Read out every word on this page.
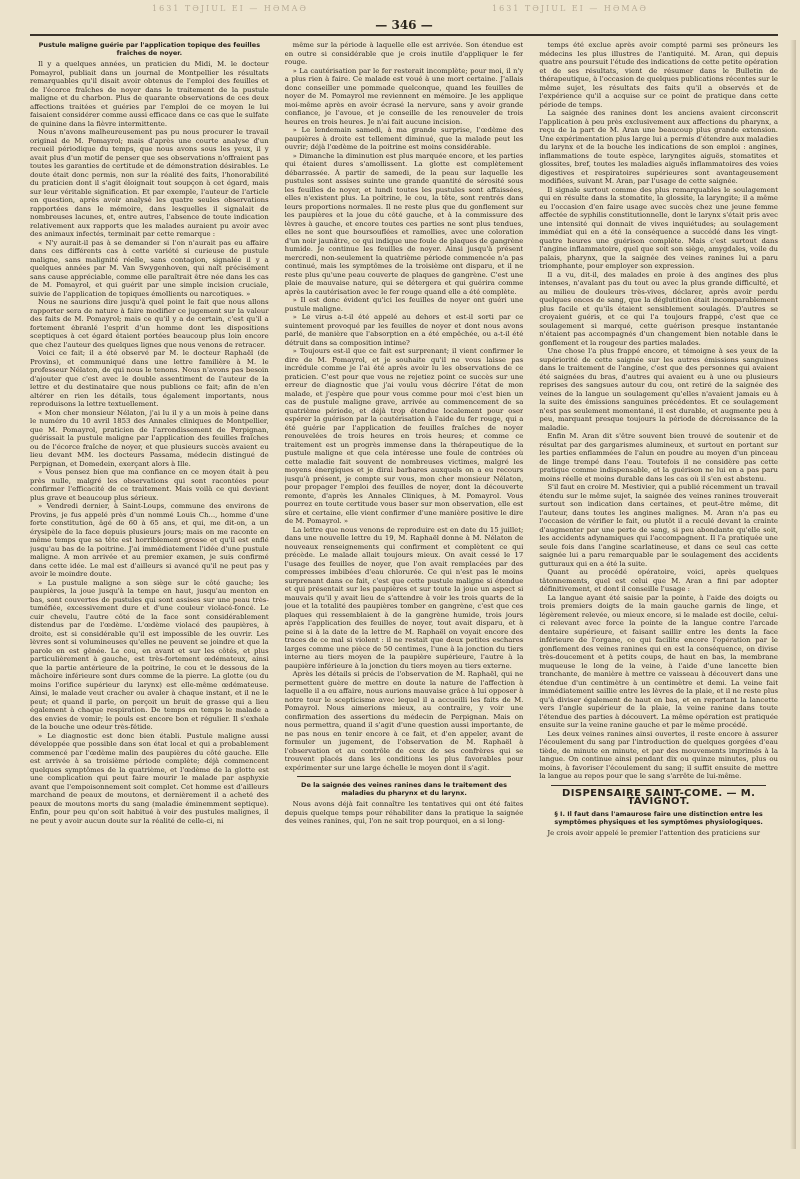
1631 TƏJIUL EI — HƏMAƏ	1631 TƏJIUL EI — HƏMAƏ
— 346 —
Pustule maligne guérie par l'application topique des feuilles fraîches de noyer.

Il y a quelques années, un praticien du Midi, M. le docteur Pomayrol, publiait dans un journal de Montpellier les résultats remarquables qu'il disait avoir obtenus de l'emploi des feuilles et de l'écorce fraîches de noyer dans le traitement de la pustule maligne et du charbon. Plus de quarante observations de ces deux affections traitées et guéries par l'emploi de ce moyen le lui faisaient considérer comme aussi efficace dans ce cas que le sulfate de quinine dans la fièvre intermittente.

Nous n'avons malheureusement pas pu nous procurer le travail original de M. Pomayrol; mais d'après une courte analyse d'un recueil périodique du temps, que nous avons sous les yeux, il y avait plus d'un motif de penser que ses observations n'offraient pas toutes les garanties de certitude et de démonstration désirables. Le doute était donc permis, non sur la réalité des faits, l'honorabilité du praticien dont il s'agit éloignait tout soupçon à cet égard, mais sur leur véritable signification. Et par exemple, l'auteur de l'article en question, après avoir analysé les quatre seules observations rapportées dans le mémoire, dans lesquelles il signalait de nombreuses lacunes, et, entre autres, l'absence de toute indication relativement aux rapports que les malades auraient pu avoir avec des animaux infectés, terminait par cette remarque :

« N'y aurait-il pas à se demander si l'on n'aurait pas eu affaire dans ces différents cas à cette variété si curieuse de pustule maligne, sans malignité réelle, sans contagion, signalée il y a quelques années par M. Van Swygenhoven, qui naît précisément sans cause appréciable, comme elle paraîtrait être née dans les cas de M. Pomayrol, et qui guérit par une simple incision cruciale, suivie de l'application de topiques émollients ou narcotiques. »

Nous ne saurions dire jusqu'à quel point le fait que nous allons rapporter sera de nature à faire modifier ce jugement sur la valeur des faits de M. Pomayrol; mais ce qu'il y a de certain, c'est qu'il a fortement ébranlé l'esprit d'un homme dont les dispositions sceptiques à cet égard étaient portées beaucoup plus loin encore que chez l'auteur des quelques lignes que nous venons de retracer.

Voici ce fait; il a été observé par M. le docteur Raphaël (de Provins), et communiqué dans une lettre familière à M. le professeur Nélaton, de qui nous le tenons. Nous n'avons pas besoin d'ajouter que c'est avec le double assentiment de l'auteur de la lettre et du destinataire que nous publions ce fait; afin de n'en altérer en rien les détails, tous également importants, nous reproduisons la lettre textuellement.

« Mon cher monsieur Nélaton, j'ai lu il y a un mois à peine dans le numéro du 10 avril 1853 des Annales cliniques de Montpellier, que M. Pomayrol, praticien de l'arrondissement de Perpignan, guérissait la pustule maligne par l'application des feuilles fraîches ou de l'écorce fraîche de noyer, et que plusieurs succès avaient eu lieu devant MM. les docteurs Passama, médecin distingué de Perpignan, et Domedein, exerçant alors à Ille.

» Vous pensez bien que ma confiance en ce moyen était à peu près nulle, malgré les observations qui sont racontées pour confirmer l'efficacité de ce traitement. Mais voilà ce qui devient plus grave et beaucoup plus sérieux.

» Vendredi dernier, à Saint-Loups, commune des environs de Provins, je fus appelé près d'un nommé Louis Ch..., homme d'une forte constitution, âgé de 60 à 65 ans, et qui, me dit-on, a un érysipèle de la face depuis plusieurs jours; mais on me raconte en même temps que sa tête est horriblement grosse et qu'il est enflé jusqu'au bas de la poitrine. J'ai immédiatement l'idée d'une pustule maligne. À mon arrivée et au premier examen, je suis confirmé dans cette idée. Le mal est d'ailleurs si avancé qu'il ne peut pas y avoir le moindre doute.

» La pustule maligne a son siège sur le côté gauche; les paupières, la joue jusqu'à la tempe en haut, jusqu'au menton en bas, sont couvertes de pustules qui sont assises sur une peau très-tuméfiée, excessivement dure et d'une couleur violacé-foncé. Le cuir chevelu, l'autre côté de la face sont considérablement distendus par de l'œdème. L'œdème violacé des paupières, à droite, est si considérable qu'il est impossible de les ouvrir. Les lèvres sont si volumineuses qu'elles ne peuvent se joindre et que la parole en est gênée. Le cou, en avant et sur les côtés, et plus particulièrement à gauche, est très-fortement œdémateux, ainsi que la partie antérieure de la poitrine, le cou et le dessous de la mâchoire inférieure sont durs comme de la pierre. La glotte (ou du moins l'orifice supérieur du larynx) est elle-même œdémateuse. Ainsi, le malade veut cracher ou avaler à chaque instant, et il ne le peut; et quand il parle, on perçoit un bruit de grasse qui a lieu également à chaque respiration. De temps en temps le malade a des envies de vomir; le pouls est encore bon et régulier. Il s'exhale de la bouche une odeur très-fétide.

» Le diagnostic est donc bien établi. Pustule maligne aussi développée que possible dans son état local et qui a probablement commencé par l'œdème malin des paupières du côté gauche. Elle est arrivée à sa troisième période complète; déjà commencent quelques symptômes de la quatrième, et l'œdème de la glotte est une complication qui peut faire mourir le malade par asphyxie avant que l'empoisonnement soit complet. Cet homme est d'ailleurs marchand de peaux de moutons, et dernièrement il a acheté des peaux de moutons morts du sang (maladie éminemment septique). Enfin, pour peu qu'on soit habitué à voir des pustules malignes, il ne peut y avoir aucun doute sur la réalité de celle-ci, ni

même sur la période à laquelle elle est arrivée. Son étendue est en outre si considérable que je crois inutile d'appliquer le fer rouge.

» La cautérisation par le fer resterait incomplète; pour moi, il n'y a plus rien à faire. Ce malade est voué à une mort certaine. J'allais donc conseiller une pommade quelconque, quand les feuilles de noyer de M. Pomayrol me reviennent en mémoire. Je les applique moi-même après en avoir écrasé la nervure, sans y avoir grande confiance, je l'avoue, et je conseille de les renouveler de trois heures en trois heures. Je n'ai fait aucune incision.

» Le lendemain samedi, à ma grande surprise, l'œdème des paupières à droite est tellement diminué, que la malade peut les ouvrir; déjà l'œdème de la poitrine est moins considérable.

» Dimanche la diminution est plus marquée encore, et les parties qui étaient dures s'amollissent. La glotte est complètement débarrassée. À partir de samedi, de la peau sur laquelle les pustules sont assises suinte une grande quantité de sérosité sous les feuilles de noyer, et lundi toutes les pustules sont affaissées, elles n'existent plus. La poitrine, le cou, la tête, sont rentrés dans leurs proportions normales. Il ne reste plus que du gonflement sur les paupières et la joue du côté gauche, et à la commissure des lèvres à gauche, et encore toutes ces parties ne sont plus tendues, elles ne sont que boursouflées et ramollies, avec une coloration d'un noir jaunâtre, ce qui indique une foule de plaques de gangrène humide. Je continue les feuilles de noyer. Ainsi jusqu'à présent mercredi, non-seulement la quatrième période commencée n'a pas continué, mais les symptômes de la troisième ont disparu, et il ne reste plus qu'une peau couverte de plaques de gangrène. C'est une plaie de mauvaise nature, qui se détergera et qui guérira comme après la cautérisation avec le fer rouge quand elle a été complète.

» Il est donc évident qu'ici les feuilles de noyer ont guéri une pustule maligne.

» Le virus a-t-il été appelé au dehors et est-il sorti par ce suintement provoqué par les feuilles de noyer et dont nous avons parlé, de manière que l'absorption en a été empêchée, ou a-t-il été détruit dans sa composition intime?

» Toujours est-il que ce fait est surprenant; il vient confirmer le dire de M. Pomayrol, et je souhaite qu'il ne vous laisse pas incrédule comme je l'ai été après avoir lu les observations de ce praticien. C'est pour que vous ne rejetiez point ce succès sur une erreur de diagnostic que j'ai voulu vous décrire l'état de mon malade, et j'espère que pour vous comme pour moi c'est bien un cas de pustule maligne grave, arrivée au commencement de sa quatrième période, et déjà trop étendue localement pour oser espérer la guérison par la cautérisation à l'aide du fer rouge, qui a été guérie par l'application de feuilles fraîches de noyer renouvelées de trois heures en trois heures; et comme ce traitement est un progrès immense dans la thérapeutique de la pustule maligne et que cela intéresse une foule de contrées où cette maladie fait souvent de nombreuses victimes, malgré les moyens énergiques et je dirai barbares auxquels on a eu recours jusqu'à présent, je compte sur vous, mon cher monsieur Nélaton, pour propager l'emploi des feuilles de noyer, dont la découverte remonte, d'après les Annales Cliniques, à M. Pomayrol. Vous pourrez en toute certitude vous baser sur mon observation, elle est sûre et certaine, elle vient confirmer d'une manière positive le dire de M. Pomayrol. »

La lettre que nous venons de reproduire est en date du 15 juillet; dans une nouvelle lettre du 19, M. Raphaël donne à M. Nélaton de nouveaux renseignements qui confirment et complètent ce qui précède. Le malade allait toujours mieux. On avait cessé le 17 l'usage des feuilles de noyer, que l'on avait remplacées par des compresses imbibées d'eau chlorurée. Ce qui n'est pas le moins surprenant dans ce fait, c'est que cette pustule maligne si étendue et qui présentait sur les paupières et sur toute la joue un aspect si mauvais qu'il y avait lieu de s'attendre à voir les trois quarts de la joue et la totalité des paupières tomber en gangrène, c'est que ces plaques qui ressemblaient à de la gangrène humide, trois jours après l'application des feuilles de noyer, tout avait disparu, et à peine si à la date de la lettre de M. Raphaël on voyait encore des traces de ce mal si violent : il ne restait que deux petites eschares larges comme une pièce de 50 centimes, l'une à la jonction du tiers interne au tiers moyen de la paupière supérieure, l'autre à la paupière inférieure à la jonction du tiers moyen au tiers externe.

Après les détails si précis de l'observation de M. Raphaël, qui ne permettent guère de mettre en doute la nature de l'affection à laquelle il a eu affaire, nous aurions mauvaise grâce à lui opposer à notre tour le scepticisme avec lequel il a accueilli les faits de M. Pomayrol. Nous aimerions mieux, au contraire, y voir une confirmation des assertions du médecin de Perpignan. Mais on nous permettra, quand il s'agit d'une question aussi importante, de ne pas nous en tenir encore à ce fait, et d'en appeler, avant de formuler un jugement, de l'observation de M. Raphaël à l'observation et au contrôle de ceux de ses confrères qui se trouvent placés dans les conditions les plus favorables pour expérimenter sur une large échelle le moyen dont il s'agit.

De la saignée des veines ranines dans le traitement des maladies du pharynx et du larynx.

Nous avons déjà fait connaître les tentatives qui ont été faites depuis quelque temps pour réhabiliter dans la pratique la saignée des veines ranines, qui, l'on ne sait trop pourquoi, en a si long-

temps été exclue après avoir compté parmi ses prôneurs les médecins les plus illustres de l'antiquité. M. Aran, qui depuis quatre ans poursuit l'étude des indications de cette petite opération et de ses résultats, vient de résumer dans le Bulletin de thérapeutique, à l'occasion de quelques publications récentes sur le même sujet, les résultats des faits qu'il a observés et de l'expérience qu'il a acquise sur ce point de pratique dans cette période de temps.

La saignée des ranines dont les anciens avaient circonscrit l'application à peu près exclusivement aux affections du pharynx, a reçu de la part de M. Aran une beaucoup plus grande extension. Une expérimentation plus large lui a permis d'étendre aux maladies du larynx et de la bouche les indications de son emploi : angines, inflammations de toute espèce, laryngites aiguës, stomatites et glossites, bref, toutes les maladies aiguës inflammatoires des voies digestives et respiratoires supérieures sont avantageusement modifiées, suivant M. Aran, par l'usage de cette saignée.

Il signale surtout comme des plus remarquables le soulagement qui en résulte dans la stomatite, la glossite, la laryngite; il a même eu l'occasion d'en faire usage avec succès chez une jeune femme affectée de syphilis constitutionnelle, dont le larynx s'était pris avec une intensité qui donnait de vives inquiétudes; au soulagement immédiat qui en a été la conséquence a succédé dans les vingt-quatre heures une guérison complète. Mais c'est surtout dans l'angine inflammatoire, quel que soit son siège, amygdales, voile du palais, pharynx, que la saignée des veines ranines lui a paru triomphante, pour employer son expression.

Il a vu, dit-il, des malades en proie à des angines des plus intenses, n'avalant pas du tout ou avec la plus grande difficulté, et au milieu de douleurs très-vives, déclarer, après avoir perdu quelques onces de sang, que la déglutition était incomparablement plus facile et qu'ils étaient sensiblement soulagés. D'autres se croyaient guéris, et ce qui l'a toujours frappé, c'est que ce soulagement si marqué, cette guérison presque instantanée n'étaient pas accompagnés d'un changement bien notable dans le gonflement et la rougeur des parties malades.

Une chose l'a plus frappé encore, et témoigne à ses yeux de la supériorité de cette saignée sur les autres émissions sanguines dans le traitement de l'angine, c'est que des personnes qui avaient été saignées du bras, d'autres qui avaient eu à une ou plusieurs reprises des sangsues autour du cou, ont retiré de la saignée des veines de la langue un soulagement qu'elles n'avaient jamais eu à la suite des émissions sanguines précédentes. Et ce soulagement n'est pas seulement momentané, il est durable, et augmente peu à peu, marquant presque toujours la période de décroissance de la maladie.

Enfin M. Aran dit s'être souvent bien trouvé de soutenir et de résultat par des gargarismes alumineux, et surtout en portant sur les parties enflammées de l'alun en poudre au moyen d'un pinceau de linge trempé dans l'eau. Toutefois il ne considère pas cette pratique comme indispensable, et la guérison ne lui en a pas paru moins réelle et moins durable dans les cas où il s'en est abstenu.

S'il faut en croire M. Mestivier, qui a publié récemment un travail étendu sur le même sujet, la saignée des veines ranines trouverait surtout son indication dans certaines, et peut-être même, dit l'auteur, dans toutes les angines malignes. M. Aran n'a pas eu l'occasion de vérifier le fait, ou plutôt il a reculé devant la crainte d'augmenter par une perte de sang, si peu abondante qu'elle soit, les accidents adynamiques qui l'accompagnent. Il l'a pratiquée une seule fois dans l'angine scarlatineuse, et dans ce seul cas cette saignée lui a paru remarquable par le soulagement des accidents gutturaux qui en a été la suite.

Quant au procédé opératoire, voici, après quelques tâtonnements, quel est celui que M. Aran a fini par adopter définitivement, et dont il conseille l'usage :

La langue ayant été saisie par la pointe, à l'aide des doigts ou trois premiers doigts de la main gauche garnis de linge, et légèrement relevée, ou mieux encore, si le malade est docile, celui-ci relevant avec force la pointe de la langue contre l'arcade dentaire supérieure, et faisant saillir entre les dents la face inférieure de l'organe, ce qui facilite encore l'opération par le gonflement des veines ranines qui en est la conséquence, on divise très-doucement et à petits coups, de haut en bas, la membrane muqueuse le long de la veine, à l'aide d'une lancette bien tranchante, de manière à mettre ce vaisseau à découvert dans une étendue d'un centimètre à un centimètre et demi. La veine fait immédiatement saillie entre les lèvres de la plaie, et il ne reste plus qu'à diviser également de haut en bas, et en reportant la lancette vers l'angle supérieur de la plaie, la veine ranine dans toute l'étendue des parties à découvert. La même opération est pratiquée ensuite sur la veine ranine gauche et par le même procédé.

Les deux veines ranines ainsi ouvertes, il reste encore à assurer l'écoulement du sang par l'introduction de quelques gorgées d'eau tiède, de minute en minute, et par des mouvements imprimés à la langue. On continue ainsi pendant dix ou quinze minutes, plus ou moins, à favoriser l'écoulement du sang; il suffit ensuite de mettre la langue au repos pour que le sang s'arrête de lui-même.

DISPENSAIRE SAINT-COME. — M. TAVIGNOT.
§ I. Il faut dans l'amaurose faire une distinction entre les symptômes physiques et les symptômes physiologiques.

Je crois avoir appelé le premier l'attention des praticiens sur
